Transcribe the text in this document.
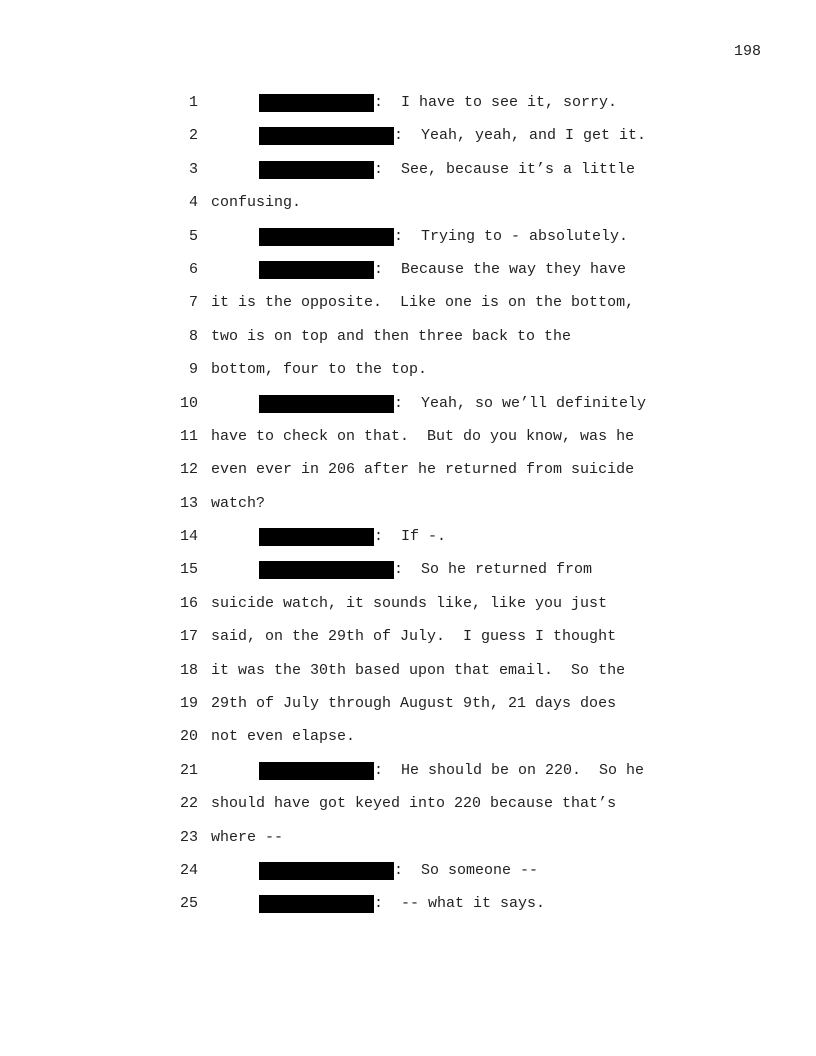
198
1	:  I have to see it, sorry.
2	:  Yeah, yeah, and I get it.
3	:  See, because it’s a little
4 confusing.
5	:  Trying to - absolutely.
6	:  Because the way they have
7 it is the opposite.  Like one is on the bottom,
8 two is on top and then three back to the
9 bottom, four to the top.
10	:  Yeah, so we’ll definitely
11 have to check on that.  But do you know, was he
12 even ever in 206 after he returned from suicide
13 watch?
14	:  If -.
15	:  So he returned from
16 suicide watch, it sounds like, like you just
17 said, on the 29th of July.  I guess I thought
18 it was the 30th based upon that email.  So the
19 29th of July through August 9th, 21 days does
20 not even elapse.
21	:  He should be on 220.  So he
22 should have got keyed into 220 because that’s
23 where --
24	:  So someone --
25	:  -- what it says.
